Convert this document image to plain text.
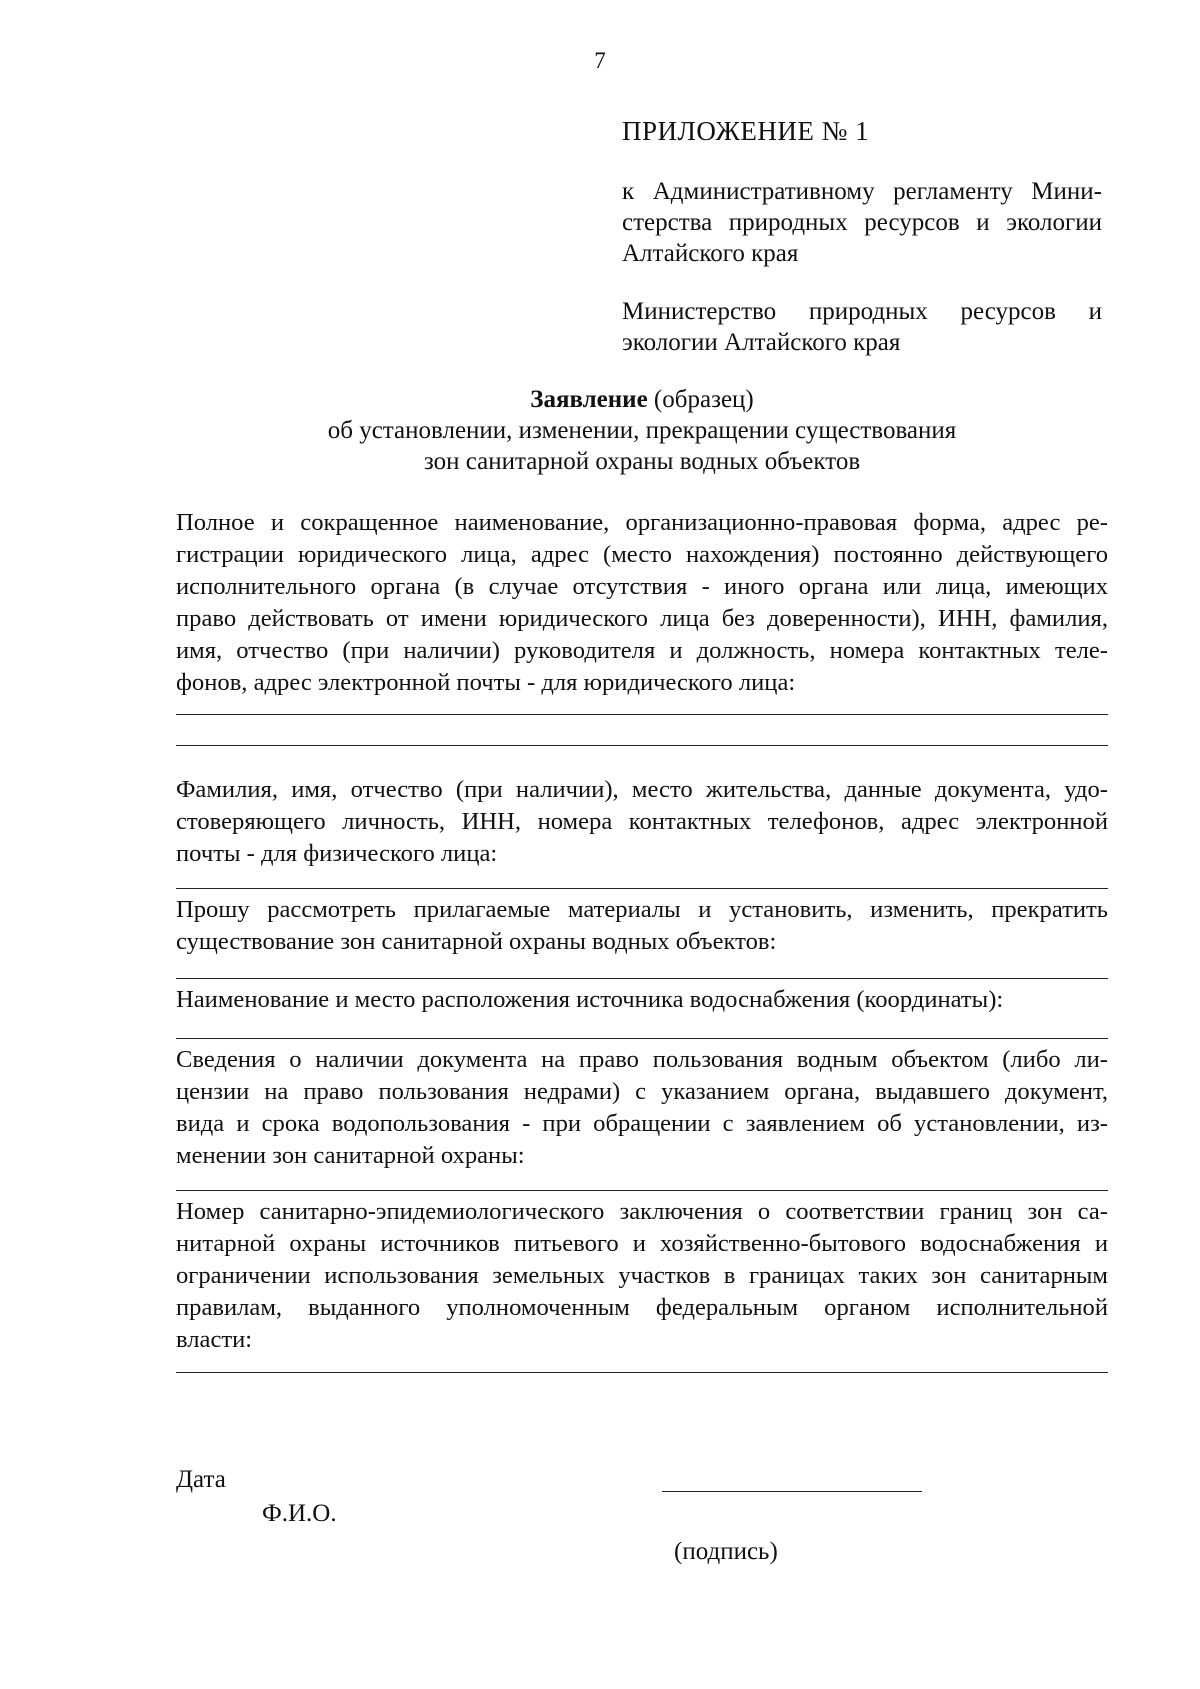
7
ПРИЛОЖЕНИЕ № 1
к Административному регламенту Мини-
стерства природных ресурсов и экологии
Алтайского края
Министерство природных ресурсов и
экологии Алтайского края
Заявление (образец)
об установлении, изменении, прекращении существования
зон санитарной охраны водных объектов
Полное и сокращенное наименование, организационно-правовая форма, адрес ре-
гистрации юридического лица, адрес (место нахождения) постоянно действующего
исполнительного органа (в случае отсутствия - иного органа или лица, имеющих
право действовать от имени юридического лица без доверенности), ИНН, фамилия,
имя, отчество (при наличии) руководителя и должность, номера контактных теле-
фонов, адрес электронной почты - для юридического лица:
Фамилия, имя, отчество (при наличии), место жительства, данные документа, удо-
стоверяющего личность, ИНН, номера контактных телефонов, адрес электронной
почты - для физического лица:
Прошу рассмотреть прилагаемые материалы и установить, изменить, прекратить
существование зон санитарной охраны водных объектов:
Наименование и место расположения источника водоснабжения (координаты):
Сведения о наличии документа на право пользования водным объектом (либо ли-
цензии на право пользования недрами) с указанием органа, выдавшего документ,
вида и срока водопользования - при обращении с заявлением об установлении, из-
менении зон санитарной охраны:
Номер санитарно-эпидемиологического заключения о соответствии границ зон са-
нитарной охраны источников питьевого и хозяйственно-бытового водоснабжения и
ограничении использования земельных участков в границах таких зон санитарным
правилам, выданного уполномоченным федеральным органом исполнительной
власти:
Дата
Ф.И.О.
(подпись)
